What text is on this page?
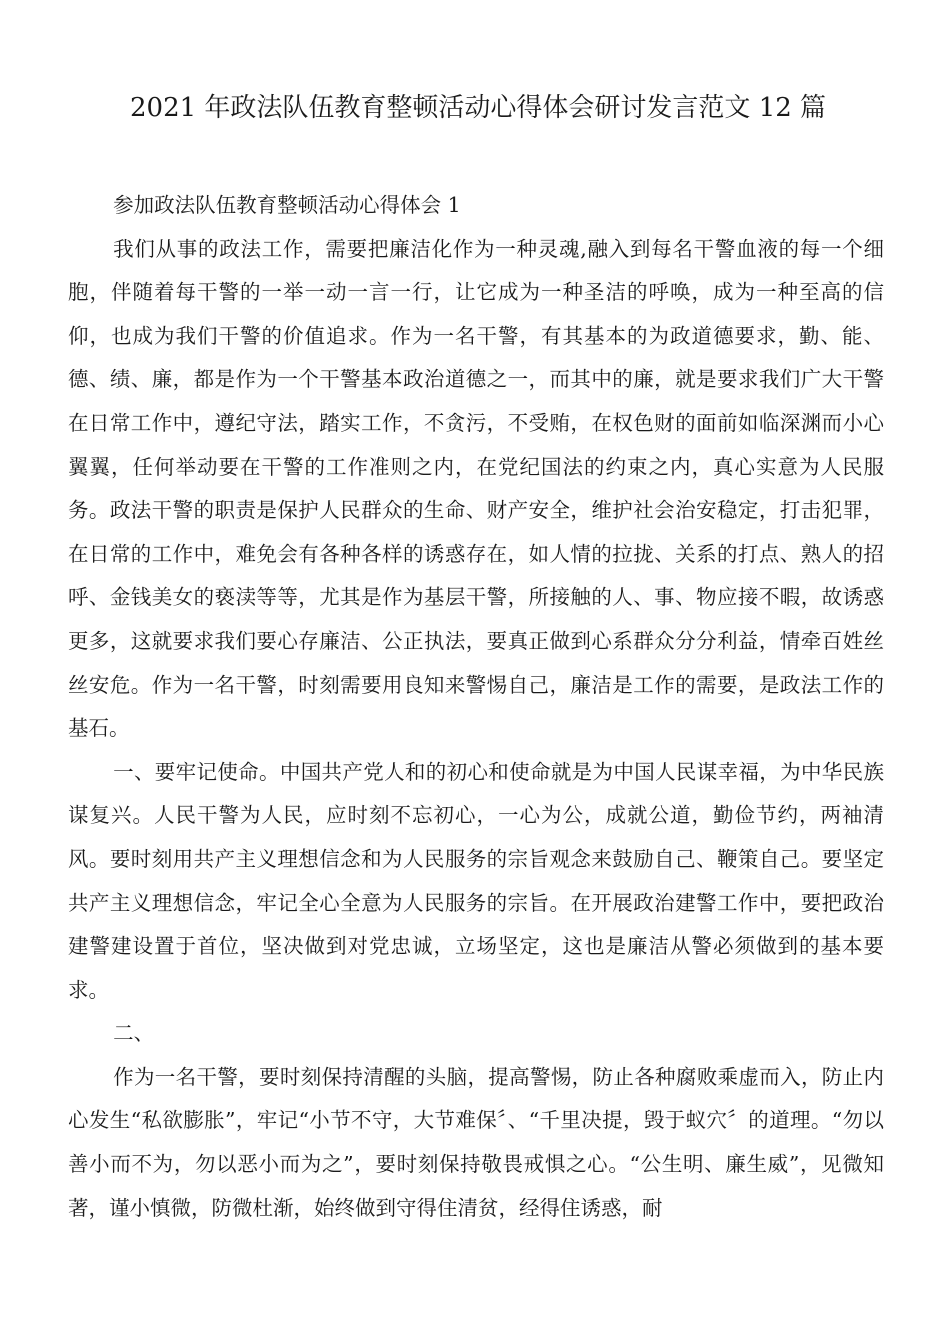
2021 年政法队伍教育整顿活动心得体会研讨发言范文 12 篇

参加政法队伍教育整顿活动心得体会 1

我们从事的政法工作，需要把廉洁化作为一种灵魂,融入到每名干警血液的每一个细胞，伴随着每干警的一举一动一言一行，让它成为一种圣洁的呼唤，成为一种至高的信仰，也成为我们干警的价值追求。作为一名干警，有其基本的为政道德要求，勤、能、德、绩、廉，都是作为一个干警基本政治道德之一，而其中的廉，就是要求我们广大干警在日常工作中，遵纪守法，踏实工作，不贪污，不受贿，在权色财的面前如临深渊而小心翼翼，任何举动要在干警的工作准则之内，在党纪国法的约束之内，真心实意为人民服务。政法干警的职责是保护人民群众的生命、财产安全，维护社会治安稳定，打击犯罪，在日常的工作中，难免会有各种各样的诱惑存在，如人情的拉拢、关系的打点、熟人的招呼、金钱美女的亵渎等等，尤其是作为基层干警，所接触的人、事、物应接不暇，故诱惑更多，这就要求我们要心存廉洁、公正执法，要真正做到心系群众分分利益，情牵百姓丝丝安危。作为一名干警，时刻需要用良知来警惕自己，廉洁是工作的需要，是政法工作的基石。

一、要牢记使命。中国共产党人和的初心和使命就是为中国人民谋幸福，为中华民族谋复兴。人民干警为人民，应时刻不忘初心，一心为公，成就公道，勤俭节约，两袖清风。要时刻用共产主义理想信念和为人民服务的宗旨观念来鼓励自己、鞭策自己。要坚定共产主义理想信念，牢记全心全意为人民服务的宗旨。在开展政治建警工作中，要把政治建警建设置于首位，坚决做到对党忠诚，立场坚定，这也是廉洁从警必须做到的基本要求。

二、

作为一名干警，要时刻保持清醒的头脑，提高警惕，防止各种腐败乘虚而入，防止内心发生“私欲膨胀”，牢记“小节不守，大节难保〞、“千里决提，毁于蚁穴〞的道理。“勿以善小而不为，勿以恶小而为之”，要时刻保持敬畏戒惧之心。“公生明、廉生威”，见微知著，谨小慎微，防微杜渐，始终做到守得住清贫，经得住诱惑，耐
